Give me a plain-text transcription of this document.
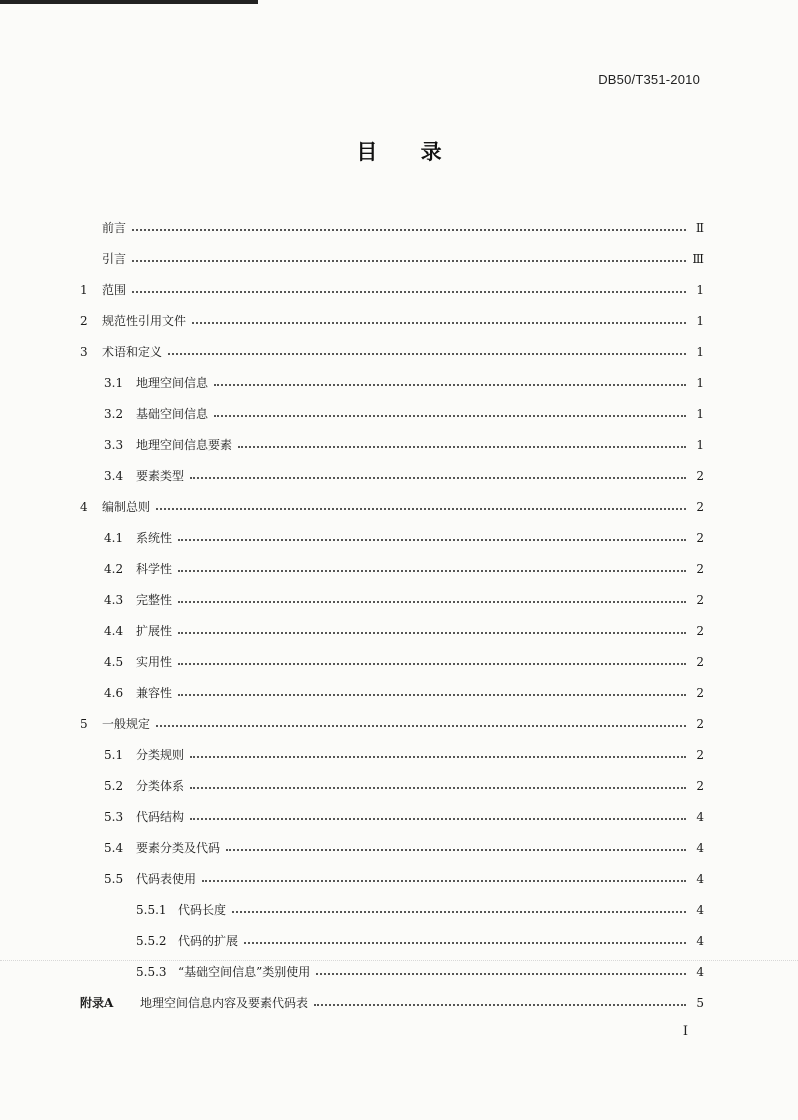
DB50/T351-2010
目 录
前言	Ⅱ
引言	Ⅲ
1	范围	1
2	规范性引用文件	1
3	术语和定义	1
3.1	地理空间信息	1
3.2	基础空间信息	1
3.3	地理空间信息要素	1
3.4	要素类型	2
4	编制总则	2
4.1	系统性	2
4.2	科学性	2
4.3	完整性	2
4.4	扩展性	2
4.5	实用性	2
4.6	兼容性	2
5	一般规定	2
5.1	分类规则	2
5.2	分类体系	2
5.3	代码结构	4
5.4	要素分类及代码	4
5.5	代码表使用	4
5.5.1 代码长度	4
5.5.2 代码的扩展	4
5.5.3 “基础空间信息”类别使用	4
附录A	地理空间信息内容及要素代码表	5
I
